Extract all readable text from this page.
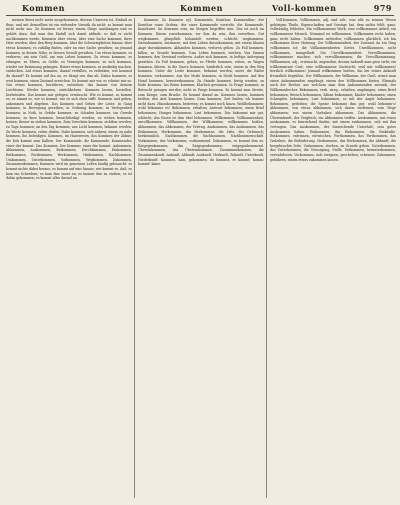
Kommen	Kommen	Voll-kommen	979

meinen Brust nicht mehr ausgekommen, diesem Unwesen ist, Einhalt zu thun; und mit demselben ist ein stehender Vorrath da nicht; so kommt man nicht mehr aus. Zu Kommen ist ferner, einem Dinge anzuhangen und es gehört dazu, daß man den Einfall sich damit abfinde, so daß er nicht nachkommen werde. Kommen über etwas, über eine Sache kommen, ihrer Herr werden; über den Berg kommen, über die Schwierigkeiten hinaus; über etwas kommen, es zufällig finden, oder an eine Sache gerathen; an jemand kommen, in dessen Nähe, in dessen Gewalt gerathen. Um etwas kommen, es verlieren; um sein Geld, um sein Leben kommen. Zu etwas kommen, es erlangen; zu Ehren, zu Gelde, zu Vermögen kommen; zu sich kommen, wieder zur Besinnung gelangen. Hinter etwas kommen, es ausfindig machen, entdecken. Auf etwas kommen, darauf verfallen, es erdenken; wie kommst du darauf? Es kommt auf ihn an, es hängt von ihm ab. Dahin kommen, so weit kommen, einen Zustand erreichen. Es kommt mir vor, es scheint mir so. Von etwas kommen, herrühren, entstehen; das kommt von deinem Leichtsinn. Wieder kommen, zurückkehren. Kommen lassen, bestellen, herbeirufen. Das kommt mir gelegen, erwünscht. Wie es kommt, so kommt es; er nimmt es, wie es kommt, wie es sich eben trifft. Kommen und gehen, ankommen und abgehen. Das Kommen und Gehen der Leute. In Gang kommen, in Bewegung gerathen; in Ordnung kommen; in Verlegenheit kommen; in Noth, in Gefahr kommen; zu Schaden kommen; ins Gerede kommen; zu kurz kommen, benachtheiligt werden; zu stehen kommen, kosten; theuer zu stehen kommen. Zum Vorschein kommen, sichtbar werden; zu Tage kommen; an den Tag kommen; ans Licht kommen, bekannt werden. Zu Worte kommen, reden dürfen. Nahe kommen, sich nähern; einem zu nahe kommen, ihn beleidigen. Kommen, im Hauswesen, das Kommen der Zähne; die Kuh kommt zum Kalben. Der Kommende, die Kommende; Kommender, einer der kommt. Das Kommen. Der Kommer, einer der kommt. Ankommen, Abkommen, Auskommen, Beikommen, Durchkommen, Einkommen, Entkommen, Fortkommen, Herkommen, Hinkommen, Nachkommen, Umkommen, Unterkommen, Vorkommen, Wegkommen, Zukommen, Zusammenkommen. Kommen wird im gemeinen Leben häufig gebraucht: es kommt nichts dabei heraus; es kommt auf eins hinaus; wie kommt es, daß; es kam ein Schreiben; es kam ihm sauer an; es kommt ihm zu statten; es ist dahin gekommen; es kommt alles darauf an.

Kommen. Zu Kommen vgl. Kommende, Komthur, Kommenthur; der Komthur eines Ordens, der einer Kommende vorsteht; die Kommende, Komthurei. Im Kommen sein, im Steigen begriffen sein. Das ist noch im Kommen. Einem zuvorkommen, vor ihm da sein, ihm zuvorthun. Gut wegkommen, glimpflich behandelt werden; schlecht wegkommen. Davonkommen, entrinnen; mit dem Leben davonkommen; mit einem blauen Auge davonkommen. Abhanden kommen, verloren gehen. Zu Fall kommen, fallen; zu Grunde kommen. Ums Leben kommen, sterben. Von Sinnen kommen, den Verstand verlieren. Außer sich kommen, in heftige Aufregung gerathen. Zu Fuß kommen, gehen; zu Pferde kommen, reiten; zu Wagen kommen, fahren. In die Quere kommen, hinderlich sein; einem in den Weg kommen. Unter die Leute kommen, bekannt werden; unter die Räder kommen, verkommen. Aus der Mode kommen; in Mode kommen. Auf den Hund kommen, herunterkommen. Zu Stande kommen, fertig werden; zu Ende kommen. Ins Reine kommen, Klarheit gewinnen. In Frage kommen, in Betracht gezogen werden; nicht in Frage kommen. Es kommt zum Streite, zum Kriege, zum Bruche. Es kommt darauf an. Kommen lassen, kommen heißen; den Arzt kommen lassen. Dazu kommen, Zeit finden; ich komme nicht dazu. Hinzukommen, beitreten; es kommt noch hinzu. Wohlbekommen; wohl bekomme es! Bekommen, erhalten; Antwort bekommen; einen Brief bekommen; Hunger bekommen; Lust bekommen. Das bekommt mir gut, schlecht; das Essen ist ihm übel bekommen. Vollkommen, Vollkommenheit, unvollkommen. Willkommen, der Willkommen; willkommen heißen. Abkommen, das Abkommen, der Vertrag. Auskommen, das Auskommen, das Einkommen. Herkommen, das Herkommen, die Sitte, der Gebrauch; herkömmlich. Nachkommen, die Nachkommen, Nachkommenschaft. Vorkommen, das Vorkommen; vorkommend. Zukommen, es kommt ihm zu. Entgegenkommen, das Entgegenkommen; entgegenkommend. Übereinkommen, das Übereinkommen. Zusammenkommen, die Zusammenkunft. Ankunft, Abkunft, Auskunft, Herkunft, Zukunft, Unterkunft, Niederkunft. Kommen, kam, gekommen; du kommst, er kommt; komm! kommt! käme.

Voll-kommen. Vollkommen, adj. und adv., was alle zu seinem Wesen gehörigen Theile, Eigenschaften und Vorzüge hat, dem nichts fehlt, ganz, vollständig, fehlerlos. Ein vollkommenes Werk; eine vollkommene Arbeit; ein vollkommener Mensch. Niemand ist vollkommen. Vollkommen recht haben, ganz recht haben. Vollkommen zufrieden; vollkommen glücklich; ich bin vollkommen Ihrer Meinung. Die Vollkommenheit, der Zustand, da ein Ding vollkommen ist; die Vollkommenheiten Gottes. Unvollkommen, nicht vollkommen, mangelhaft. Die Unvollkommenheit. Vervollkommnen, vollkommener machen; sich vervollkommnen; die Vervollkommnung. Willkommen, adj., erwünscht, angenehm, dessen Ankunft man gern sieht; ein willkommener Gast; eine willkommene Nachricht; seid mir willkommen! herzlich willkommen! Jemand willkommen heißen, ihn bei seiner Ankunft freundlich begrüßen. Der Willkommen, der Willkomm, der Gruß, womit man einen Ankommenden empfängt; einem den Willkommen bieten. Ehemals auch der Becher, aus welchem man dem Ankommenden zutrank, der Willkommbecher. Bekommen, verb. irreg., erhalten, empfangen; einen Brief bekommen; Besuch bekommen; Zähne bekommen; Kinder bekommen; einen Schnupfen bekommen; Lust bekommen; es mit der Angst bekommen. Bekommen, gedeihen; die Speise bekommt ihm gut; wohl bekomm's! Abkommen, von etwas abkommen, sich davon entfernen; vom Wege abkommen; von einem Vorhaben abkommen. Das Abkommen, die Übereinkunft, der Vergleich; ein Abkommen treffen. Auskommen, mit etwas auskommen, es hinreichend finden; mit einem auskommen, sich mit ihm vertragen. Das Auskommen, der hinreichende Unterhalt; sein gutes Auskommen haben. Einkommen, das Einkommen, die Einkünfte. Entkommen, entrinnen, entwischen. Fortkommen, das Fortkommen, das Gedeihen, die Beförderung. Herkommen, das Herkommen, die Abkunft; die hergebrachte Sitte. Umkommen, sterben, zu Grunde gehen. Unterkommen, das Unterkommen, die Versorgung, Stelle. Verkommen, herunterkommen, verwahrlosen. Vorkommen, sich ereignen, geschehen; scheinen. Zukommen, gebühren; einem etwas zukommen lassen.
